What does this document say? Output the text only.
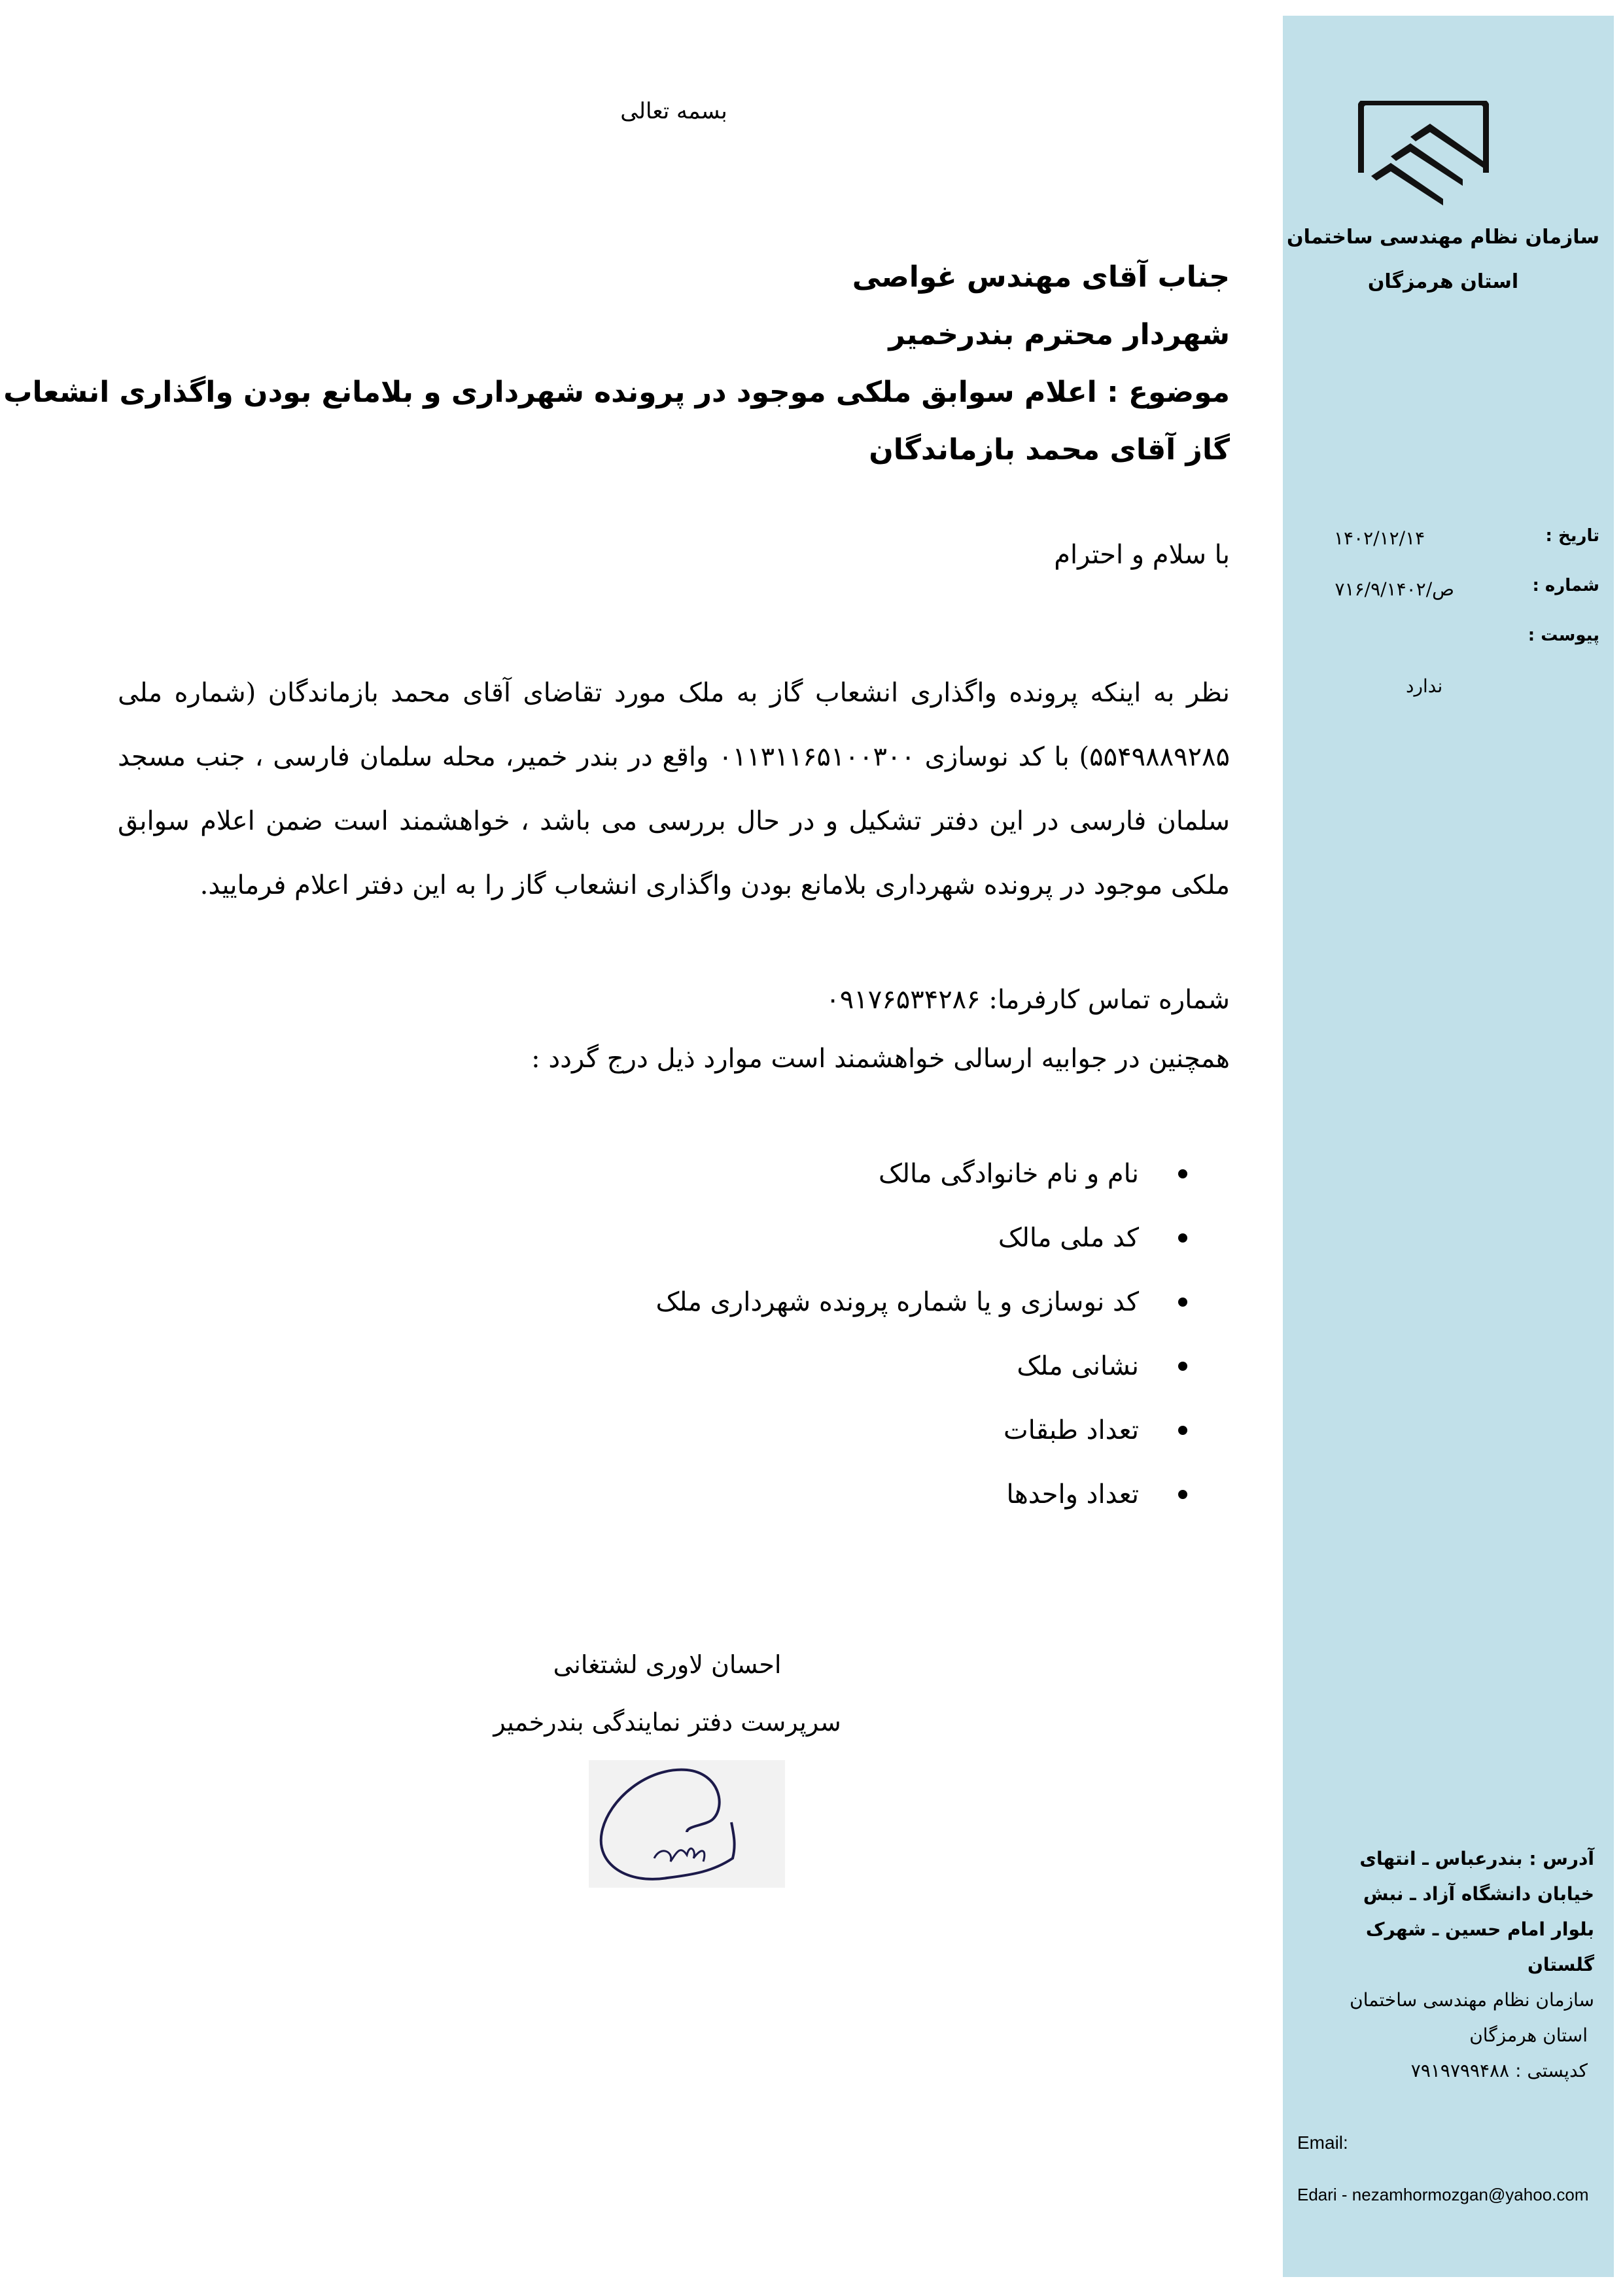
بسمه تعالی
جناب آقای مهندس غواصی
شهردار محترم بندرخمیر
موضوع : اعلام سوابق ملکی موجود در پرونده شهرداری و بلامانع بودن واگذاری انشعاب
گاز آقای محمد بازماندگان
با سلام و احترام
نظر به اینکه پرونده واگذاری انشعاب گاز به ملک مورد تقاضای آقای محمد بازماندگان (شماره ملی ۵۵۴۹۸۸۹۲۸۵) با کد نوسازی ۰۱۱۳۱۱۶۵۱۰۰۳۰۰ واقع در بندر خمیر، محله سلمان فارسی ، جنب مسجد سلمان فارسی در این دفتر تشکیل و در حال بررسی می باشد ، خواهشمند است ضمن اعلام سوابق ملکی موجود در پرونده شهرداری بلامانع بودن واگذاری انشعاب گاز را به این دفتر اعلام فرمایید.
شماره تماس کارفرما: ۰۹۱۷۶۵۳۴۲۸۶
همچنین در جوابیه ارسالی خواهشمند است موارد ذیل درج گردد :
نام و نام خانوادگی مالک
کد ملی مالک
کد نوسازی و یا شماره پرونده شهرداری ملک
نشانی ملک
تعداد طبقات
تعداد واحدها
احسان لاوری لشتغانی
سرپرست دفتر نمایندگی بندرخمیر
سازمان نظام مهندسی ساختمان
استان هرمزگان
تاریخ :
۱۴۰۲/۱۲/۱۴
شماره :
ص/۷۱۶/۹/۱۴۰۲
پیوست :
ندارد
آدرس : بندرعباس ـ انتهای
خیابان دانشگاه آزاد ـ نبش
بلوار امام حسین ـ شهرک
گلستان
سازمان نظام مهندسی ساختمان
استان هرمزگان
کدپستی : ۷۹۱۹۷۹۹۴۸۸
Email:
Edari - nezamhormozgan@yahoo.com
